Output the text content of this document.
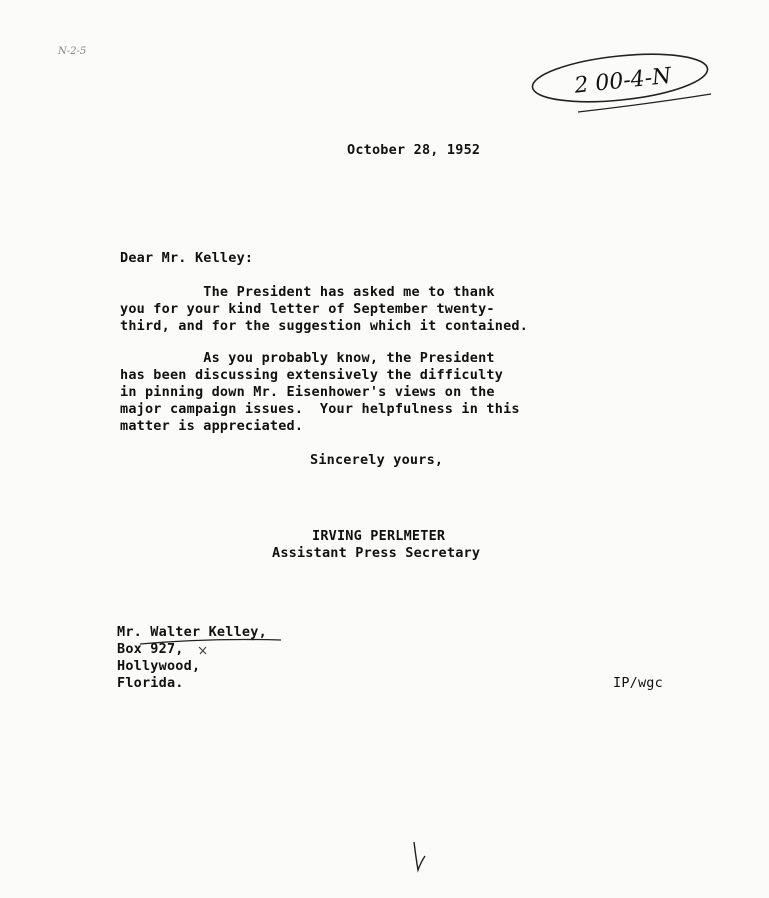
N-2-5
2 00-4-N
October 28, 1952
Dear Mr. Kelley:
The President has asked me to thank
you for your kind letter of September twenty-
third, and for the suggestion which it contained.
As you probably know, the President
has been discussing extensively the difficulty
in pinning down Mr. Eisenhower's views on the
major campaign issues.  Your helpfulness in this
matter is appreciated.
Sincerely yours,
IRVING PERLMETER
Assistant Press Secretary
Mr. Walter Kelley,
Box 927,
Hollywood,
Florida.	IP/wgc
